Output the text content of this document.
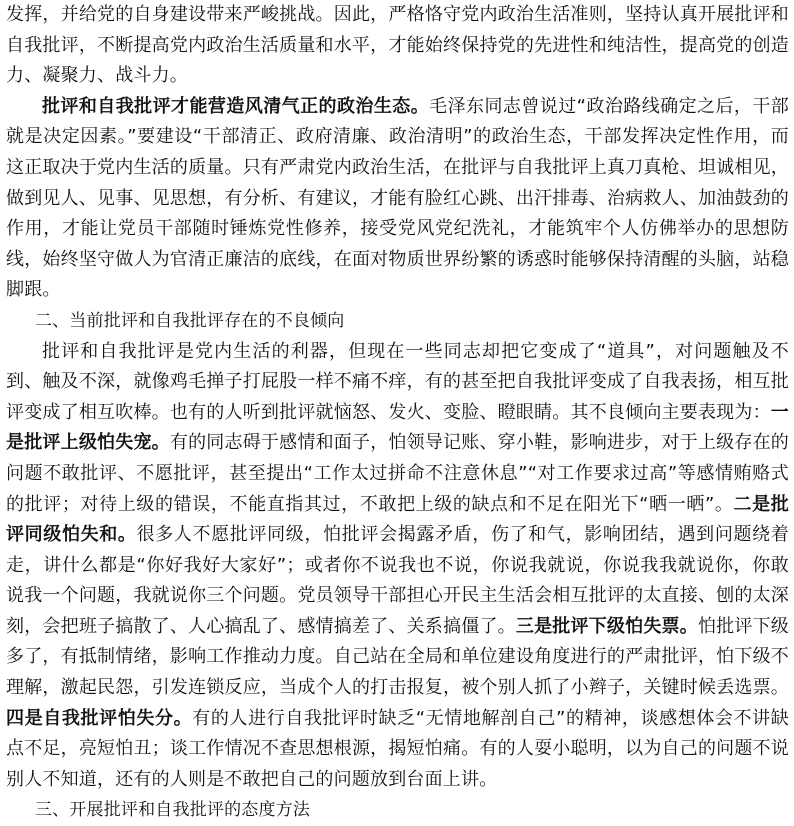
发挥，并给党的自身建设带来严峻挑战。因此，严格恪守党内政治生活准则，坚持认真开展批评和自我批评，不断提高党内政治生活质量和水平，才能始终保持党的先进性和纯洁性，提高党的创造力、凝聚力、战斗力。

批评和自我批评才能营造风清气正的政治生态。毛泽东同志曾说过“政治路线确定之后，干部就是决定因素。”要建设“干部清正、政府清廉、政治清明”的政治生态，干部发挥决定性作用，而这正取决于党内生活的质量。只有严肃党内政治生活，在批评与自我批评上真刀真枪、坦诚相见，做到见人、见事、见思想，有分析、有建议，才能有脸红心跳、出汗排毒、治病救人、加油鼓劲的作用，才能让党员干部随时锤炼党性修养，接受党风党纪洗礼，才能筑牢个人仿佛举办的思想防线，始终坚守做人为官清正廉洁的底线，在面对物质世界纷繁的诱惑时能够保持清醒的头脑，站稳脚跟。

二、当前批评和自我批评存在的不良倾向

批评和自我批评是党内生活的利器，但现在一些同志却把它变成了“道具”，对问题触及不到、触及不深，就像鸡毛掸子打屁股一样不痛不痒，有的甚至把自我批评变成了自我表扬，相互批评变成了相互吹棒。也有的人听到批评就恼怒、发火、变脸、瞪眼睛。其不良倾向主要表现为：一是批评上级怕失宠。有的同志碍于感情和面子，怕领导记账、穿小鞋，影响进步，对于上级存在的问题不敢批评、不愿批评，甚至提出“工作太过拼命不注意休息”“对工作要求过高”等感情贿赂式的批评；对待上级的错误，不能直指其过，不敢把上级的缺点和不足在阳光下“晒一晒”。二是批评同级怕失和。很多人不愿批评同级，怕批评会揭露矛盾，伤了和气，影响团结，遇到问题绕着走，讲什么都是“你好我好大家好”；或者你不说我也不说，你说我就说，你说我我就说你，你敢说我一个问题，我就说你三个问题。党员领导干部担心开民主生活会相互批评的太直接、刨的太深刻，会把班子搞散了、人心搞乱了、感情搞差了、关系搞僵了。三是批评下级怕失票。怕批评下级多了，有抵制情绪，影响工作推动力度。自己站在全局和单位建设角度进行的严肃批评，怕下级不理解，激起民怨，引发连锁反应，当成个人的打击报复，被个别人抓了小辫子，关键时候丢选票。四是自我批评怕失分。有的人进行自我批评时缺乏“无情地解剖自己”的精神，谈感想体会不讲缺点不足，亮短怕丑；谈工作情况不查思想根源，揭短怕痛。有的人耍小聪明，以为自己的问题不说别人不知道，还有的人则是不敢把自己的问题放到台面上讲。

三、开展批评和自我批评的态度方法
